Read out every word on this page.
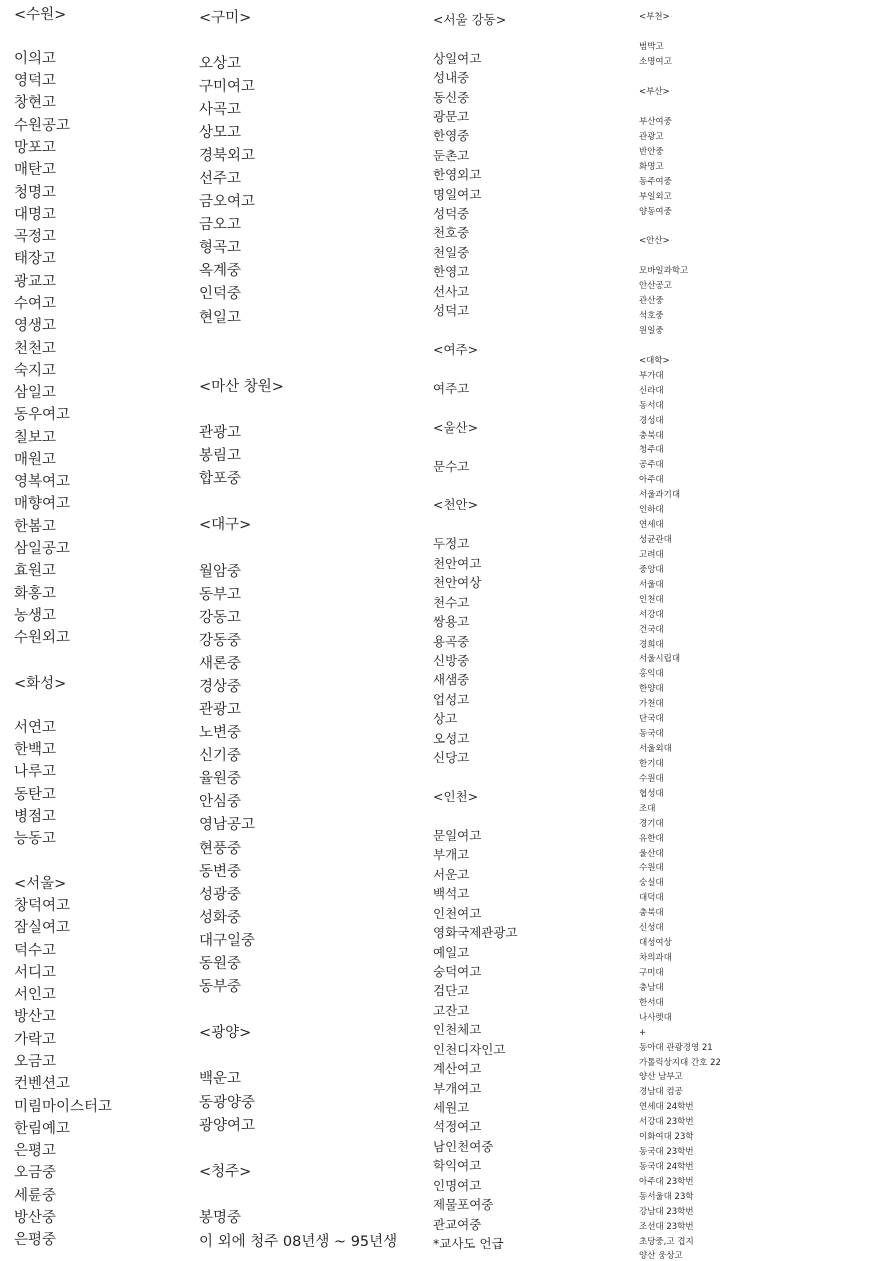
<수원>
이의고
영덕고
창현고
수원공고
망포고
매탄고
청명고
대명고
곡정고
태장고
광교고
수여고
영생고
천천고
숙지고
삼일고
동우여고
칠보고
매원고
영복여고
매향여고
한봄고
삼일공고
효원고
화홍고
농생고
수원외고
<화성>
서연고
한백고
나루고
동탄고
병점고
능동고
<서울>
창덕여고
잠실여고
덕수고
서디고
서인고
방산고
가락고
오금고
컨벤션고
미림마이스터고
한림예고
은평고
오금중
세륜중
방산중
은평중
<구미>
오상고
구미여고
사곡고
상모고
경북외고
선주고
금오여고
금오고
형곡고
옥계중
인덕중
현일고
<마산 창원>
관광고
봉림고
합포중
<대구>
월암중
동부고
강동고
강동중
새론중
경상중
관광고
노변중
신기중
율원중
안심중
영남공고
현풍중
동변중
성광중
성화중
대구일중
동원중
동부중
<광양>
백운고
동광양중
광양여고
<청주>
봉명중
이 외에 청주 08년생 ~ 95년생
<서울 강동>
상일여고
성내중
동신중
광문고
한영중
둔촌고
한영외고
명일여고
성덕중
천호중
천일중
한영고
선사고
성덕고
<여주>
여주고
<울산>
문수고
<천안>
두정고
천안여고
천안여상
천수고
쌍용고
용곡중
신방중
새샘중
업성고
상고
오성고
신당고
<인천>
문일여고
부개고
서운고
백석고
인천여고
영화국제관광고
예일고
숭덕여고
검단고
고잔고
인천체고
인천디자인고
계산여고
부개여고
세원고
석정여고
남인천여중
학익여고
인명여고
제물포여중
관교여중
*교사도 언급
<부천>
범박고
소명여고
<부산>
부산여중
관광고
반안중
화명고
동주여중
부일외고
양동여중
<안산>
모바일과학고
안산공고
관산중
석호중
원일중
<대학>
부가대
신라대
동서대
경성대
충북대
청주대
공주대
아주대
서울과기대
인하대
연세대
성균관대
고려대
중앙대
서울대
인천대
서강대
건국대
경희대
서울시립대
홍익대
한양대
가천대
단국대
동국대
서울외대
한기대
수원대
협성대
조대
경기대
유한대
울산대
수원대
숭실대
대덕대
충북대
신성대
대성여상
차의과대
구미대
충남대
한서대
나사렛대
+
동아대 관광경영 21
가톨릭상지대 간호 22
양산 남부고
경남대 컴공
연세대 24학번
서강대 23학번
이화여대 23학
동국대 23학번
동국대 24학번
아주대 23학번
동서울대 23학
강남대 23학번
조선대 23학번
초당중,고 겹지
양산 웅상고
